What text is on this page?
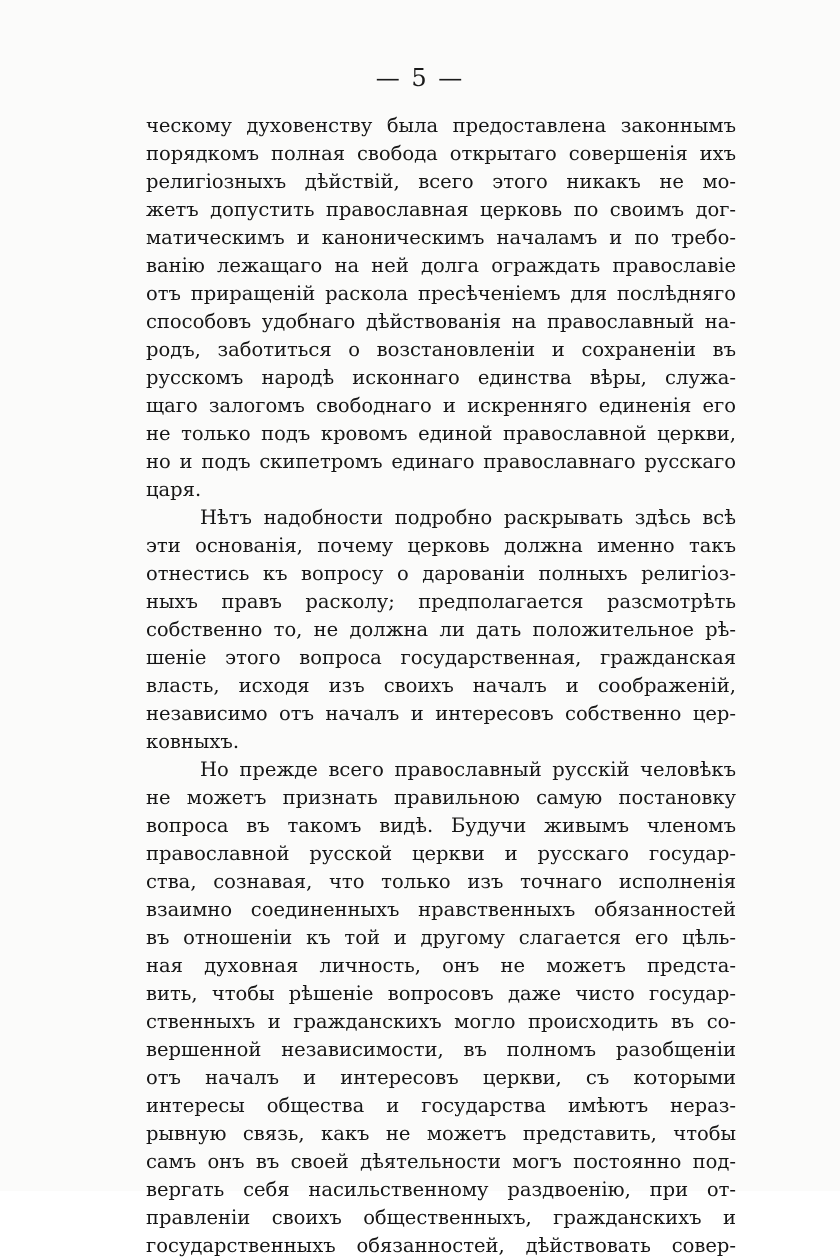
— 5 —
ческому духовенству была предоставлена законнымъ
порядкомъ полная свобода открытаго совершенія ихъ
религіозныхъ дѣйствій, всего этого никакъ не мо-
жетъ допустить православная церковь по своимъ дог-
матическимъ и каноническимъ началамъ и по требо-
ванію лежащаго на ней долга ограждать православіе
отъ приращеній раскола пресѣченіемъ для послѣдняго
способовъ удобнаго дѣйствованія на православный на-
родъ, заботиться о возстановленіи и сохраненіи въ
русскомъ народѣ исконнаго единства вѣры, служа-
щаго залогомъ свободнаго и искренняго единенія его
не только подъ кровомъ единой православной церкви,
но и подъ скипетромъ единаго православнаго русскаго
царя.
Нѣтъ надобности подробно раскрывать здѣсь всѣ
эти основанія, почему церковь должна именно такъ
отнестись къ вопросу о дарованіи полныхъ религіоз-
ныхъ правъ расколу; предполагается разсмотрѣть
собственно то, не должна ли дать положительное рѣ-
шеніе этого вопроса государственная, гражданская
власть, исходя изъ своихъ началъ и соображеній,
независимо отъ началъ и интересовъ собственно цер-
ковныхъ.
Но прежде всего православный русскій человѣкъ
не можетъ признать правильною самую постановку
вопроса въ такомъ видѣ. Будучи живымъ членомъ
православной русской церкви и русскаго государ-
ства, сознавая, что только изъ точнаго исполненія
взаимно соединенныхъ нравственныхъ обязанностей
въ отношеніи къ той и другому слагается его цѣль-
ная духовная личность, онъ не можетъ предста-
вить, чтобы рѣшеніе вопросовъ даже чисто государ-
ственныхъ и гражданскихъ могло происходить въ со-
вершенной независимости, въ полномъ разобщеніи
отъ началъ и интересовъ церкви, съ которыми
интересы общества и государства имѣютъ нераз-
рывную связь, какъ не можетъ представить, чтобы
самъ онъ въ своей дѣятельности могъ постоянно под-
вергать себя насильственному раздвоенію, при от-
правленіи своихъ общественныхъ, гражданскихъ и
государственныхъ обязанностей, дѣйствовать совер-
